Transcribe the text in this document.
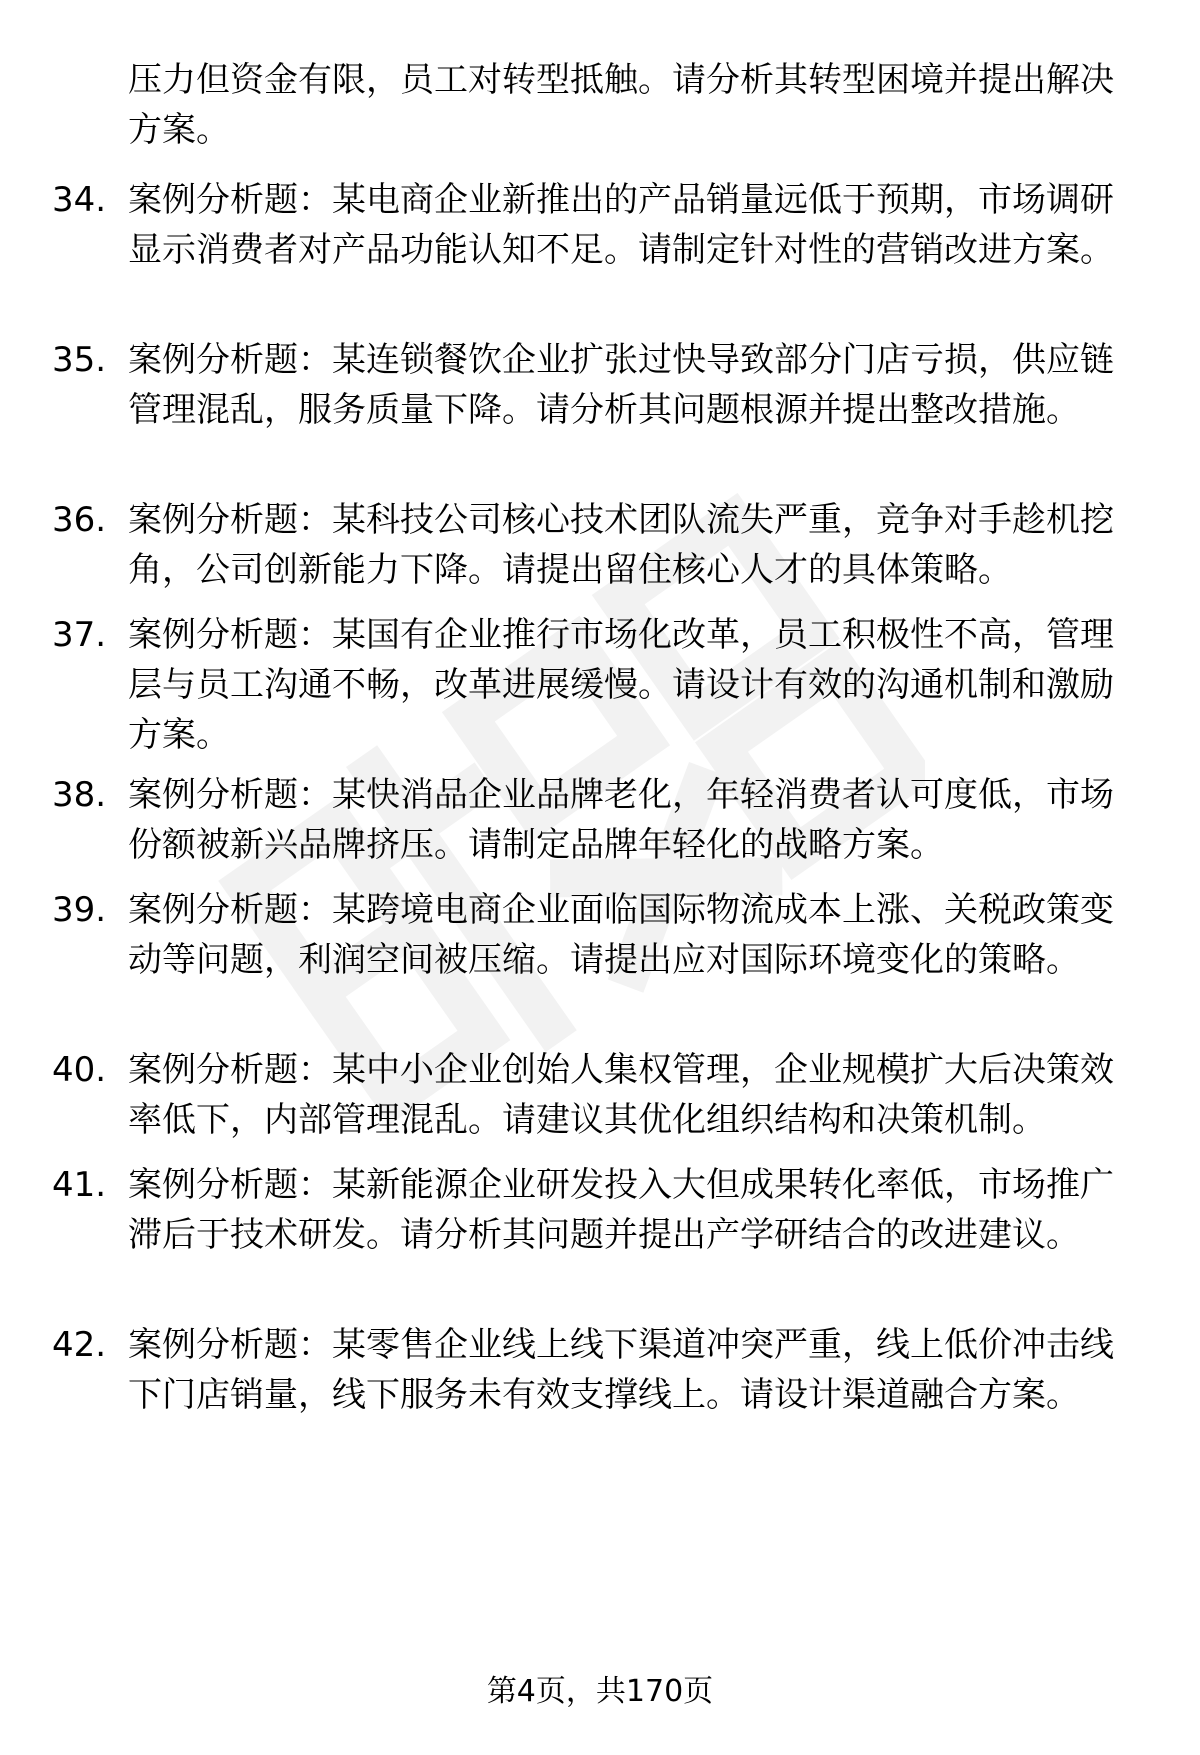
压力但资金有限，员工对转型抵触。请分析其转型困境并提出解决方案。
34. 案例分析题：某电商企业新推出的产品销量远低于预期，市场调研显示消费者对产品功能认知不足。请制定针对性的营销改进方案。
35. 案例分析题：某连锁餐饮企业扩张过快导致部分门店亏损，供应链管理混乱，服务质量下降。请分析其问题根源并提出整改措施。
36. 案例分析题：某科技公司核心技术团队流失严重，竞争对手趁机挖角，公司创新能力下降。请提出留住核心人才的具体策略。
37. 案例分析题：某国有企业推行市场化改革，员工积极性不高，管理层与员工沟通不畅，改革进展缓慢。请设计有效的沟通机制和激励方案。
38. 案例分析题：某快消品企业品牌老化，年轻消费者认可度低，市场份额被新兴品牌挤压。请制定品牌年轻化的战略方案。
39. 案例分析题：某跨境电商企业面临国际物流成本上涨、关税政策变动等问题，利润空间被压缩。请提出应对国际环境变化的策略。
40. 案例分析题：某中小企业创始人集权管理，企业规模扩大后决策效率低下，内部管理混乱。请建议其优化组织结构和决策机制。
41. 案例分析题：某新能源企业研发投入大但成果转化率低，市场推广滞后于技术研发。请分析其问题并提出产学研结合的改进建议。
42. 案例分析题：某零售企业线上线下渠道冲突严重，线上低价冲击线下门店销量，线下服务未有效支撑线上。请设计渠道融合方案。
第4页，共170页
